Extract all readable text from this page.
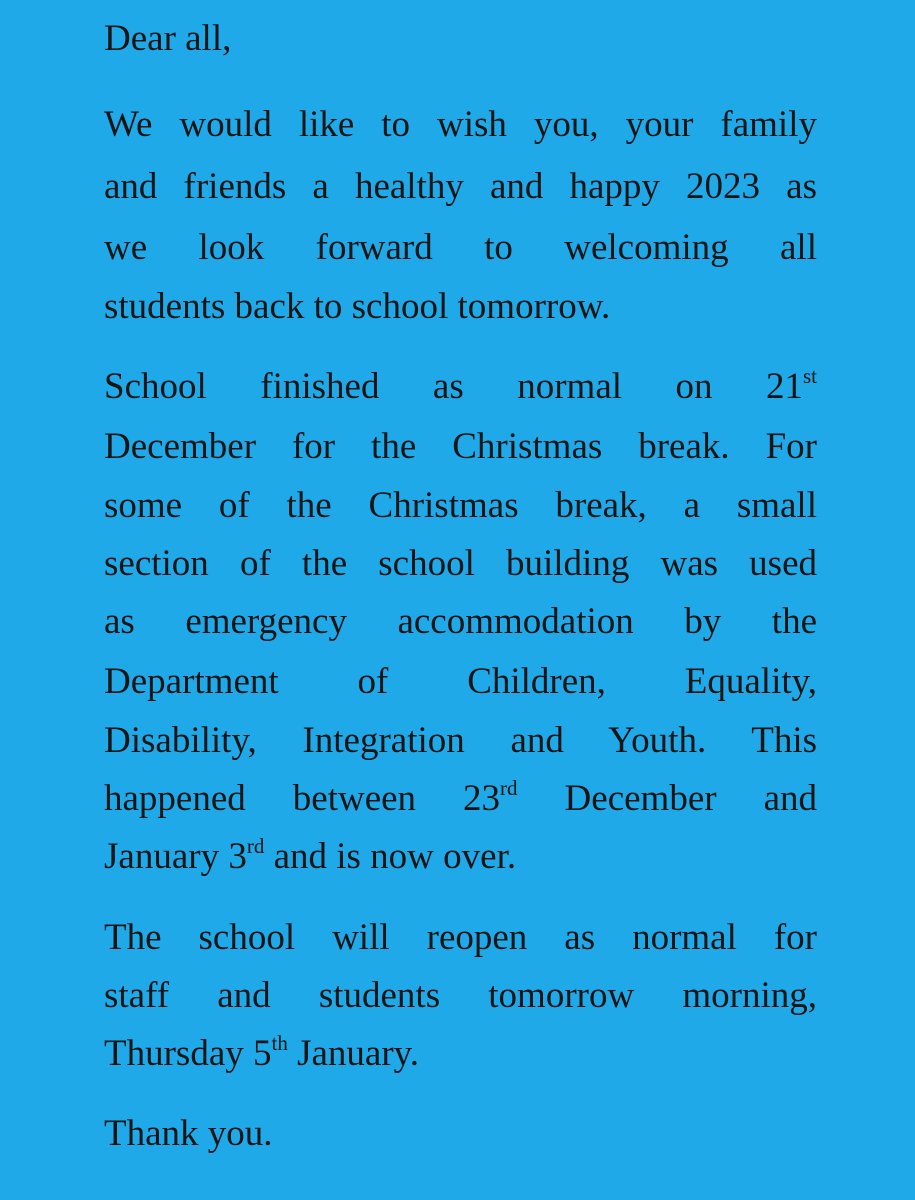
Dear all,
We would like to wish you, your family
and friends a healthy and happy 2023 as
we look forward to welcoming all
students back to school tomorrow.
School finished as normal on 21st
December for the Christmas break. For
some of the Christmas break, a small
section of the school building was used
as emergency accommodation by the
Department of Children, Equality,
Disability, Integration and Youth. This
happened between 23rd December and
January 3rd and is now over.
The school will reopen as normal for
staff and students tomorrow morning,
Thursday 5th January.
Thank you.
